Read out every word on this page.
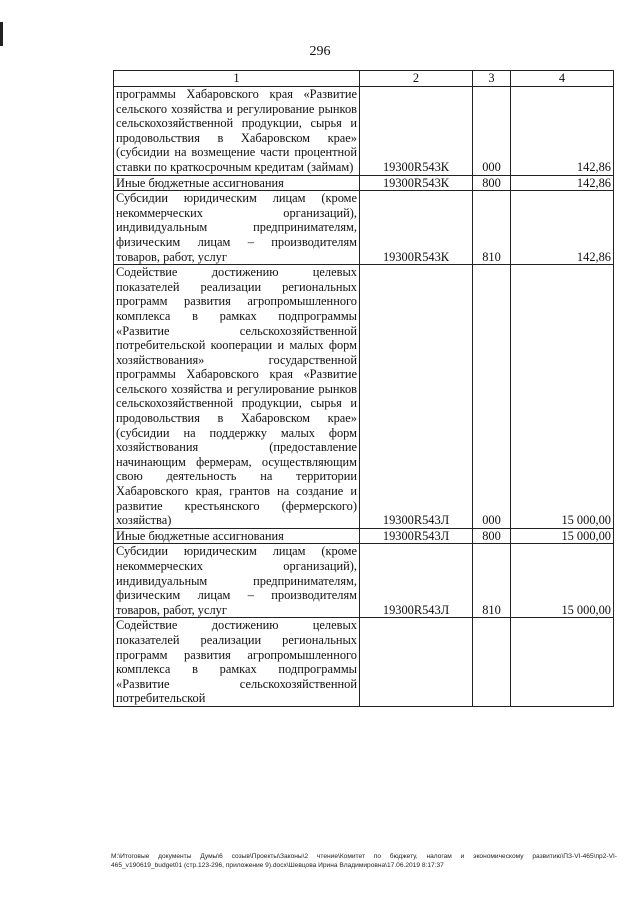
296
1	2	3	4
программы Хабаровского края «Развитие сельского хозяйства и регулирование рынков сельскохозяйственной продукции, сырья и продовольствия в Хабаровском крае» (субсидии на возмещение части процентной ставки по краткосрочным кредитам (займам)	19300R543К	000	142,86
Иные бюджетные ассигнования	19300R543К	800	142,86
Субсидии юридическим лицам (кроме некоммерческих организаций), индивидуальным предпринимателям, физическим лицам – производителям товаров, работ, услуг	19300R543К	810	142,86
Содействие достижению целевых показателей реализации региональных программ развития агропромышленного комплекса в рамках подпрограммы «Развитие сельскохозяйственной потребительской кооперации и малых форм хозяйствования» государственной программы Хабаровского края «Развитие сельского хозяйства и регулирование рынков сельскохозяйственной продукции, сырья и продовольствия в Хабаровском крае» (субсидии на поддержку малых форм хозяйствования (предоставление начинающим фермерам, осуществляющим свою деятельность на территории Хабаровского края, грантов на создание и развитие крестьянского (фермерского) хозяйства)	19300R543Л	000	15 000,00
Иные бюджетные ассигнования	19300R543Л	800	15 000,00
Субсидии юридическим лицам (кроме некоммерческих организаций), индивидуальным предпринимателям, физическим лицам – производителям товаров, работ, услуг	19300R543Л	810	15 000,00
Содействие достижению целевых показателей реализации региональных программ развития агропромышленного комплекса в рамках подпрограммы «Развитие сельскохозяйственной потребительской			
М:\Итоговые документы Думы\6 созыв\Проекты\Законы\2 чтение\Комитет по бюджету, налогам и экономическому развитию\ПЗ-VI-465\пр2-VI-465_v190619_budget01 (стр.123-296, приложение 9).docx\Шевцова Ирина Владимировна\17.06.2019 8:17:37
